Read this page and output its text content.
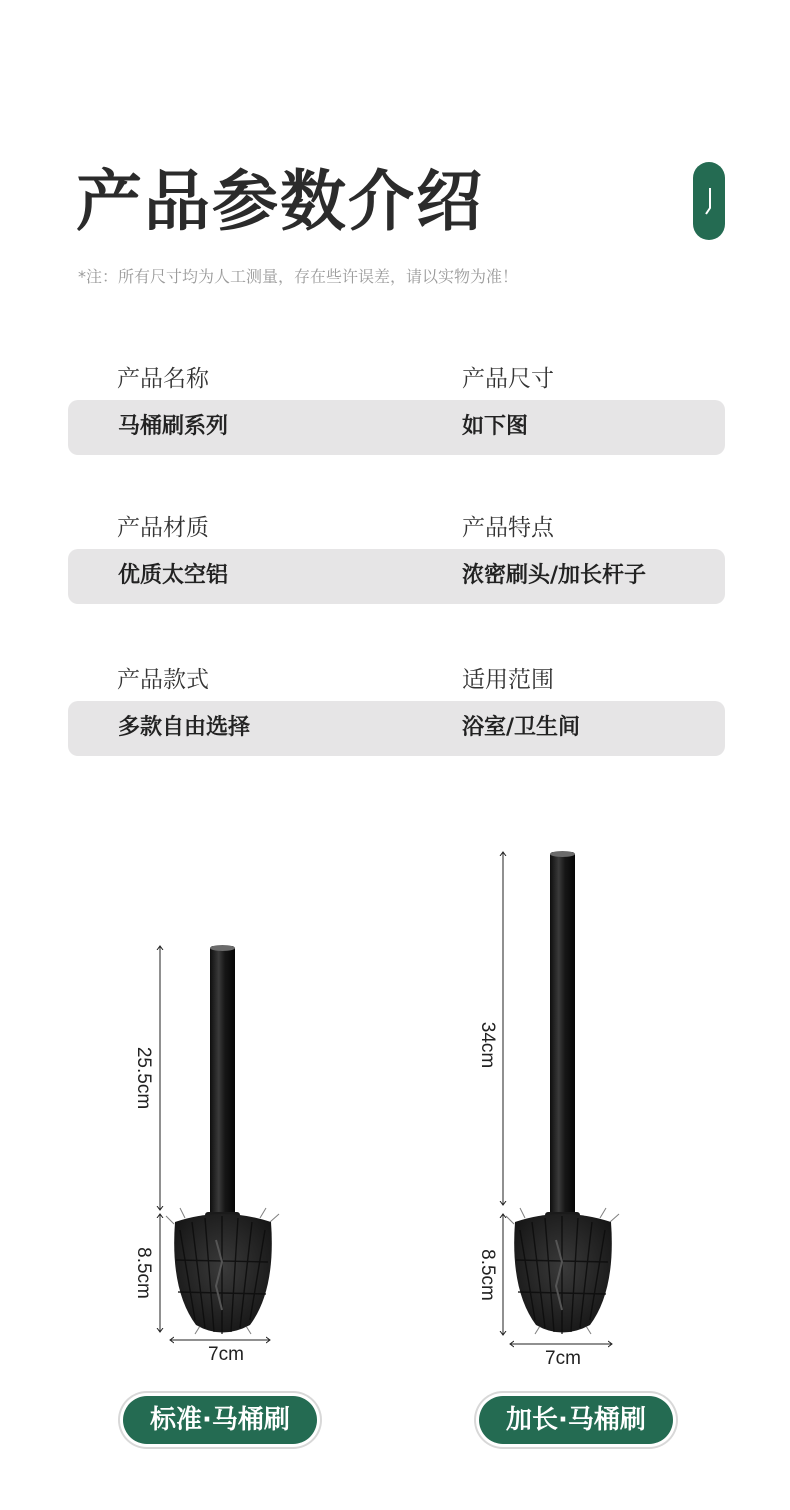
产品参数介绍
*注：所有尺寸均为人工测量，存在些许误差，请以实物为准！
产品名称	产品尺寸
马桶刷系列	如下图
产品材质	产品特点
优质太空铝	浓密刷头/加长杆子
产品款式	适用范围
多款自由选择	浴室/卫生间
25.5cm
8.5cm
7cm
34cm
8.5cm
7cm
标准·马桶刷	加长·马桶刷
